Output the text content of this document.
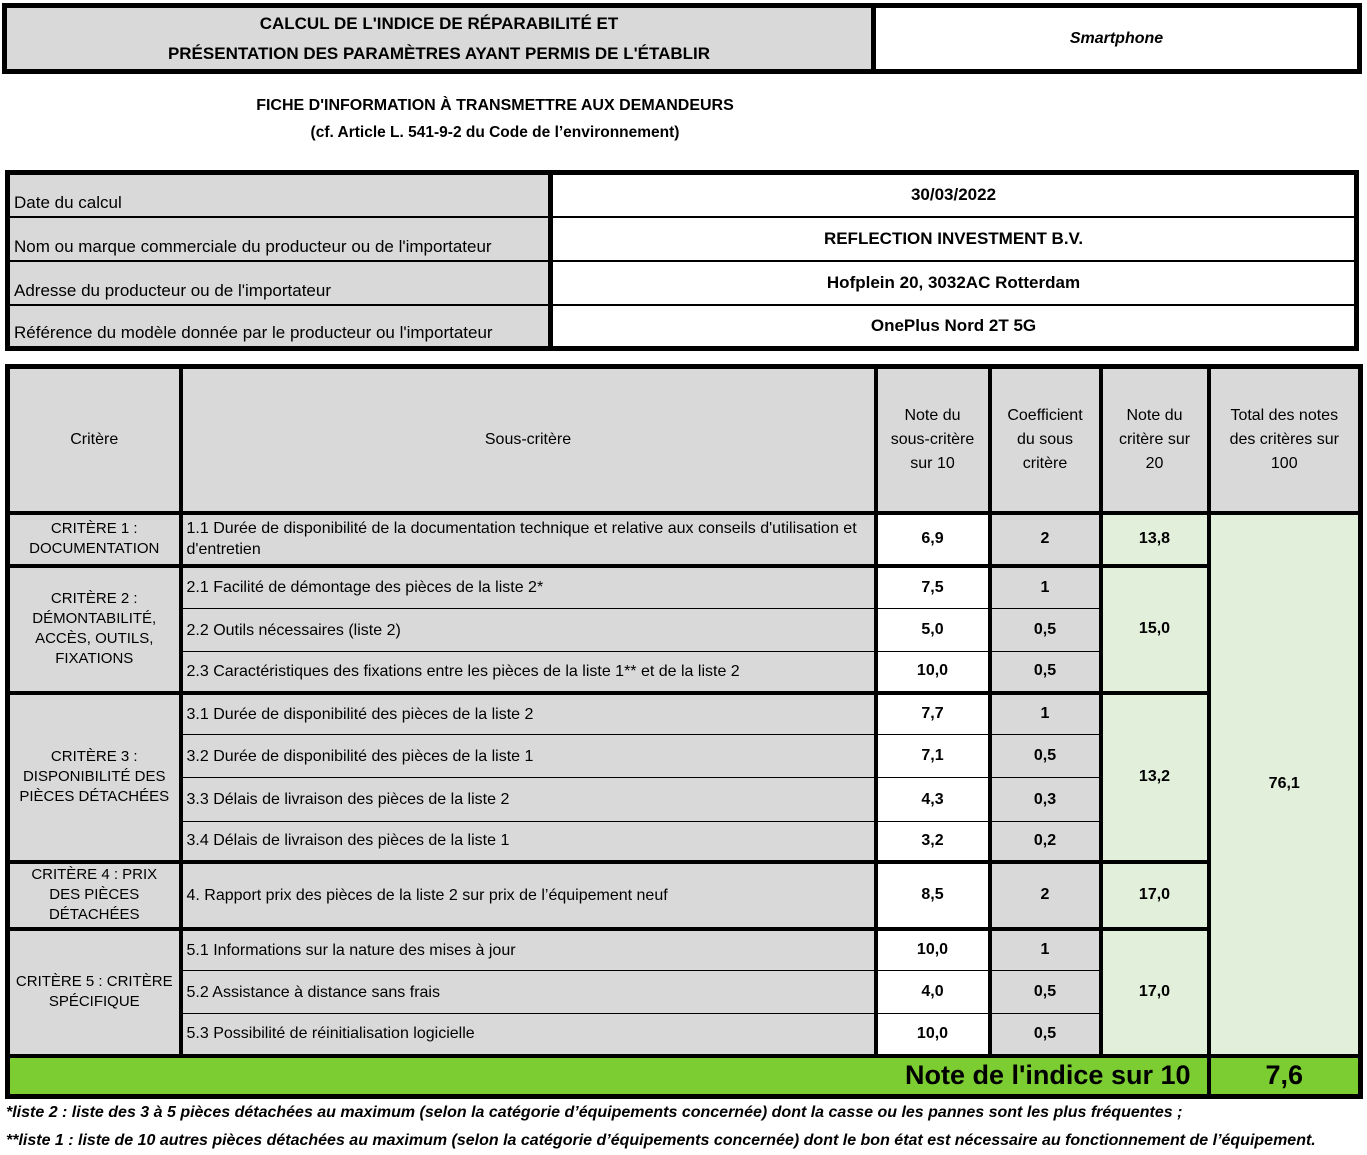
CALCUL DE L'INDICE DE RÉPARABILITÉ ET
PRÉSENTATION DES PARAMÈTRES AYANT PERMIS DE L'ÉTABLIR
Smartphone
FICHE D'INFORMATION À TRANSMETTRE AUX DEMANDEURS
(cf. Article L. 541-9-2 du Code de l’environnement)
Date du calcul	30/03/2022
Nom ou marque commerciale du producteur ou de l'importateur	REFLECTION INVESTMENT B.V.
Adresse du producteur ou de l'importateur	Hofplein 20, 3032AC Rotterdam
Référence du modèle donnée par le producteur ou l'importateur	OnePlus Nord 2T 5G
Critère	Sous-critère	Note du sous-critère sur 10	Coefficient du sous critère	Note du critère sur 20	Total des notes des critères sur 100
CRITÈRE 1 : DOCUMENTATION	1.1 Durée de disponibilité de la documentation technique et relative aux conseils d'utilisation et d'entretien	6,9	2	13,8	76,1
CRITÈRE 2 : DÉMONTABILITÉ, ACCÈS, OUTILS, FIXATIONS	2.1 Facilité de démontage des pièces de la liste 2*	7,5	1	15,0	
	2.2 Outils nécessaires (liste 2)	5,0	0,5		
	2.3 Caractéristiques des fixations entre les pièces de la liste 1** et de la liste 2	10,0	0,5		
CRITÈRE 3 : DISPONIBILITÉ DES PIÈCES DÉTACHÉES	3.1 Durée de disponibilité des pièces de la liste 2	7,7	1	13,2	
	3.2 Durée de disponibilité des pièces de la liste 1	7,1	0,5		
	3.3 Délais de livraison des pièces de la liste 2	4,3	0,3		
	3.4 Délais de livraison des pièces de la liste 1	3,2	0,2		
CRITÈRE 4 : PRIX DES PIÈCES DÉTACHÉES	4. Rapport prix des pièces de la liste 2 sur prix de l’équipement neuf	8,5	2	17,0	
CRITÈRE 5 : CRITÈRE SPÉCIFIQUE	5.1 Informations sur la nature des mises à jour	10,0	1	17,0	
	5.2 Assistance à distance sans frais	4,0	0,5		
	5.3 Possibilité de réinitialisation logicielle	10,0	0,5		
Note de l'indice sur 10					7,6
*liste 2 : liste des 3 à 5 pièces détachées au maximum (selon la catégorie d’équipements concernée) dont la casse ou les pannes sont les plus fréquentes ;
**liste 1 : liste de 10 autres pièces détachées au maximum (selon la catégorie d’équipements concernée) dont le bon état est nécessaire au fonctionnement de l’équipement.
